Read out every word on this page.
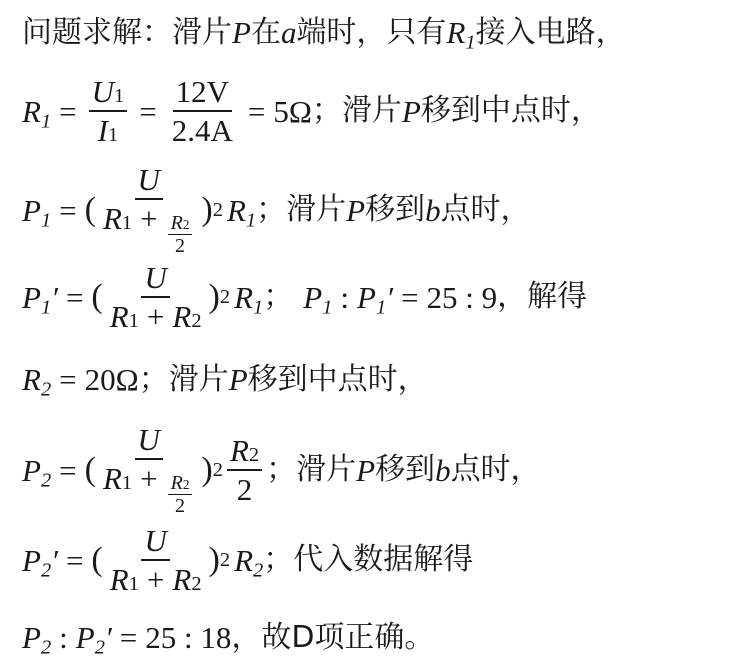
问题求解：滑片 P 在 a 端时，只有 $R_1$ 接入电路，
$R_1 = \frac{U 1}{I 1} = \frac{12V}{2.4A} = 5\Omega$ ；滑片 P 移到中点时，
$P_1$ = ( $\frac{U}{R 1 + \frac{R 2}{2}}$ ) 2 $R_1$ ；滑片 P 移到 b 点时，
$P_1'$ = ( $\frac{U}{R 1 + R 2}$ ) 2 $R_1$ ； $P_1$ : $P_1' = 25$ : 9 ，解得
$R_2 = 20\Omega$ ；滑片 P 移到中点时，
$P_2$ = ( $\frac{U}{R 1 + \frac{R 2}{2}}$ ) $2 \frac{R 2}{2}$ ；滑片 P 移到 b 点时，
$P_2'$ = ( $\frac{U}{R 1 + R 2}$ ) 2 $R_2$ ；代入数据解得
$P_2$ : $P_2' = 25$ : 18 ，故D项正确。
